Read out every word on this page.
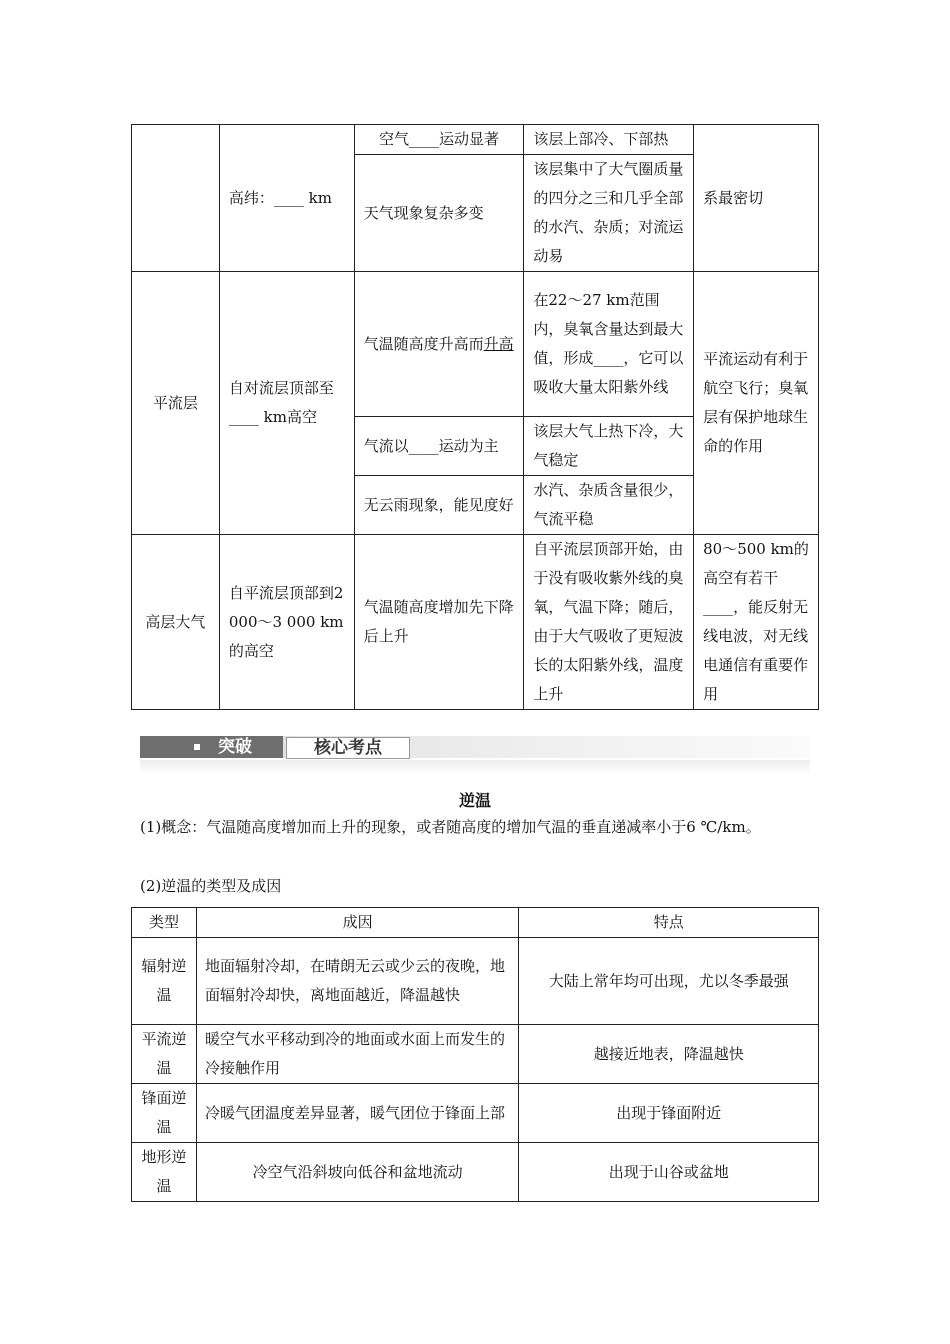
	高纬：____ km	空气____运动显著	该层上部冷、下部热	系最密切
		天气现象复杂多变	该层集中了大气圈质量的四分之三和几乎全部的水汽、杂质；对流运动易	
平流层	自对流层顶部至____ km高空	气温随高度升高而升高	在22～27 km范围内，臭氧含量达到最大值，形成____，它可以吸收大量太阳紫外线	平流运动有利于航空飞行；臭氧层有保护地球生命的作用
		气流以____运动为主	该层大气上热下冷，大气稳定	
		无云雨现象，能见度好	水汽、杂质含量很少，气流平稳	
高层大气	自平流层顶部到2 000～3 000 km的高空	气温随高度增加先下降后上升	自平流层顶部开始，由于没有吸收紫外线的臭氧，气温下降；随后，由于大气吸收了更短波长的太阳紫外线，温度上升	80～500 km的高空有若干____，能反射无线电波，对无线电通信有重要作用
突破	核心考点
逆温
(1)概念：气温随高度增加而上升的现象，或者随高度的增加气温的垂直递减率小于6 ℃/km。
(2)逆温的类型及成因
类型	成因	特点
辐射逆温	地面辐射冷却，在晴朗无云或少云的夜晚，地面辐射冷却快，离地面越近，降温越快	大陆上常年均可出现，尤以冬季最强
平流逆温	暖空气水平移动到冷的地面或水面上而发生的冷接触作用	越接近地表，降温越快
锋面逆温	冷暖气团温度差异显著，暖气团位于锋面上部	出现于锋面附近
地形逆温	冷空气沿斜坡向低谷和盆地流动	出现于山谷或盆地
